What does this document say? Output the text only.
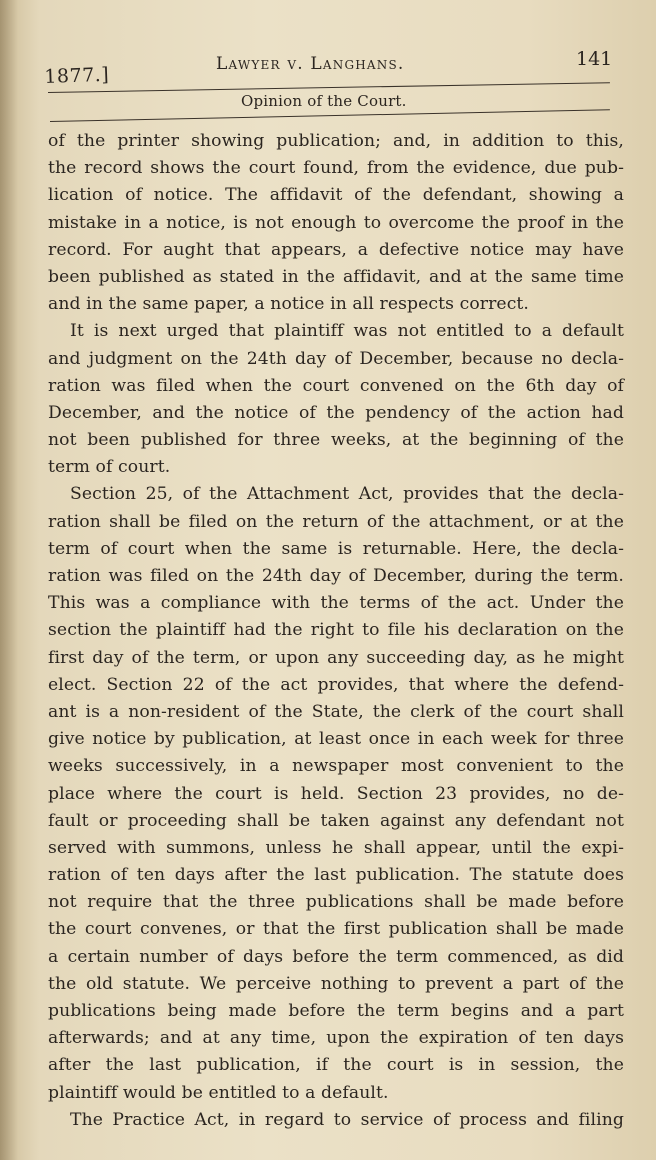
1877.]	Lawyer v. Langhans.	141
Opinion of the Court.
of the printer showing publication; and, in addition to this,
the record shows the court found, from the evidence, due pub-
lication of notice. The affidavit of the defendant, showing a
mistake in a notice, is not enough to overcome the proof in the
record. For aught that appears, a defective notice may have
been published as stated in the affidavit, and at the same time
and in the same paper, a notice in all respects correct.
It is next urged that plaintiff was not entitled to a default
and judgment on the 24th day of December, because no decla-
ration was filed when the court convened on the 6th day of
December, and the notice of the pendency of the action had
not been published for three weeks, at the beginning of the
term of court.
Section 25, of the Attachment Act, provides that the decla-
ration shall be filed on the return of the attachment, or at the
term of court when the same is returnable. Here, the decla-
ration was filed on the 24th day of December, during the term.
This was a compliance with the terms of the act. Under the
section the plaintiff had the right to file his declaration on the
first day of the term, or upon any succeeding day, as he might
elect. Section 22 of the act provides, that where the defend-
ant is a non-resident of the State, the clerk of the court shall
give notice by publication, at least once in each week for three
weeks successively, in a newspaper most convenient to the
place where the court is held. Section 23 provides, no de-
fault or proceeding shall be taken against any defendant not
served with summons, unless he shall appear, until the expi-
ration of ten days after the last publication. The statute does
not require that the three publications shall be made before
the court convenes, or that the first publication shall be made
a certain number of days before the term commenced, as did
the old statute. We perceive nothing to prevent a part of the
publications being made before the term begins and a part
afterwards; and at any time, upon the expiration of ten days
after the last publication, if the court is in session, the
plaintiff would be entitled to a default.
The Practice Act, in regard to service of process and filing
